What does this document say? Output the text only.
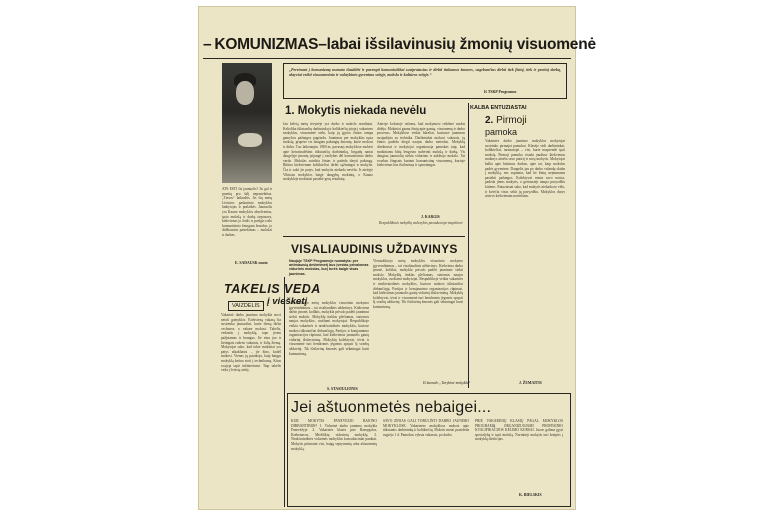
– KOMUNIZMAS–labai išsilavinusių žmonių visuomenė
ATS ESTI šis jaunuolis? Jis gal ir praeitų pro šalį nepastebėtas. „Tiesos“ laikraštis. Jis šių metų Lietuvos paskutinio mokyklos lankytojas ir pralaikės. Jaunuolis yra Kauno mokyklos absolventas, tęsia mokslą ir darbą tarpusavy, kiekvienas jo žodis ir poelgis rodo komunistinio žmogaus bruožus, jo didžiausias pasiekimas – mokslai ir darbas.
E. SADAUSK nuotr.
„Pereinant į komunizmą numato išauklėti ir parengti komunistiškai susipratusius ir dirbti tinkamus žmones, sugebančius dirbti tiek fizinį, tiek ir protinį darbą, aktyviai veikti visuomeninio ir valstybinio gyvenimo srityje, mokslo ir kultūros srityje.“
Iš TSKP Programos
1. Mokytis niekada nevėlu
Jau keletą metų tėvynėje yra darbo ir mokslo rezultatai. Keliolika tūkstančių darbininkų ir kolūkiečių įstoja į vakarines mokyklas, visuomenė stebi, kaip jų įgytos žinios tampa gamybos pažangos pagrindu. Jaunimas per mokyklas tęsia mokslą, grupėse vis daugiau pažangių žmonių, kurie mokosi ir dirba. Tuo laikotarpiu 1960 m. pavasarį mokyklose mokėsi apie keturiasdešimt tūkstančių darbininkų, brigadų nariai daugelyje įmonių įsijungė į varžybas dėl komunistinio darbo vardo. Mokslas suteikia žinias ir padeda daryti pažangą. Būtina kiekvienam kolūkiečiui dirbti sąžiningai ir mokytis. Čia ir sakė jie patys, kad mokytis niekada nevėlu. Ir ateityje Vilniaus mokyklos baigė daugybę mokinių, o Kauno mokykloje mokiniai pasiekė gerų rezultatų.
Antroje kolonoje rašoma, kad mokymosi reikšmė nuolat didėja. Mokiniai gauna žinių apie gamtą, visuomenę ir darbo procesus. Mokyklose veikia būreliai, kuriuose jaunimas susipažįsta su technika. Darbininkai mokosi vakarais, jų žinios padeda diegti naujus darbo metodus. Mokyklų direktoriai ir mokytojai organizuoja pamokas taip, kad mokiniams būtų lengviau suderinti mokslą ir darbą. Vis daugiau jaunuolių siekia vidurinio ir aukštojo mokslo. Tai svarbus žingsnis kuriant komunistinę visuomenę, kurioje kiekvienas bus išsilavinęs ir sąmoningas.
J. KARGIS
Respublikinės mokyklų vadovybės pavaduotoja-inspektorė
KALBA ENTUZIASTAI
2. Pirmoji
pamoka
Vakarinės darbo jaunimo mokyklos mokytojai susirinko pirmajai pamokai. Klasėje sėdi darbininkai, kolūkiečiai, tarnautojai – visi, kurie nusprendė tęsti mokslą. Pirmoji pamoka visada jaudina: kiekvienas mokinys atneša savo patirtį ir norą mokytis. Mokytojai kalba apie būsimus darbus, apie tai, kaip mokslas padės gyvenime. Daugelis jau po darbo valandų skuba į mokyklą, nes supranta, kad be žinių neįmanoma pasiekti pažangos. Kolektyvai remia savo narius, padeda jiems mokytis, o geriausieji tampa pavyzdžiu kitiems. Entuziastai sako, kad mokytis niekada ne vėlu, ir kviečia visus sekti jų pavyzdžiu. Mokyklos durys atviros kiekvienam norinčiam.
J. ŽEMAITIS
VISALIAUDINIS UŽDAVINYS
Naujoje TSKP Programoje numatyta: per artimiausią dešimtmetį bus įvestas privalomas vidurinis mokslas, kurį turės baigti visas jaunimas.
Vienuoliktojo metų mokyklos visuotinio mokymo įgyvendinimas – tai visaliaudinis uždavinys. Kiekviena darbo įmonė, kolūkis, mokykla privalo padėti jaunimui siekti mokslo. Mokyklų tinklas plečiamas, statomos naujos mokyklos, ruošiami mokytojai. Respublikoje veikia vakarinės ir neakivaizdinės mokyklos, kuriose mokosi tūkstančiai dirbančiųjų. Partijos ir komjaunimo organizacijos rūpinasi, kad kiekvienas jaunuolis gautų vidurinį išsilavinimą. Mokyklų kolektyvai, tėvai ir visuomenė turi bendromis jėgomis spręsti šį svarbų uždavinį. Tik išsilavinę žmonės gali sėkmingai kurti komunizmą.
Vienuoliktojo metų mokyklos visuotinio mokymo įgyvendinimas – tai visaliaudinis uždavinys. Kiekviena darbo įmonė, kolūkis, mokykla privalo padėti jaunimui siekti mokslo. Mokyklų tinklas plečiamas, statomos naujos mokyklos, ruošiami mokytojai. Respublikoje veikia vakarinės ir neakivaizdinės mokyklos, kuriose mokosi tūkstančiai dirbančiųjų. Partijos ir komjaunimo organizacijos rūpinasi, kad kiekvienas jaunuolis gautų vidurinį išsilavinimą. Mokyklų kolektyvai, tėvai ir visuomenė turi bendromis jėgomis spręsti šį svarbų uždavinį. Tik išsilavinę žmonės gali sėkmingai kurti komunizmą.
Iš žurnalo „Tarybinė mokykla“
TAKELIS VEDA
VAIZDELIS į viešketį
Vakarinė darbo jaunimo mokykla stovi netoli gamyklos. Kiekvieną vakarą čia susirenka jaunuoliai, kurie dieną dirba cechuose, o vakare mokosi. Takelis, vedantis į mokyklą, tapo jiems pažįstamas ir brangus. Jie eina juo ir lietingais rudens vakarais, ir šaltą žiemą. Mokytojai sako, kad tokie mokiniai yra patys atkakliausi – jie žino, kodėl mokosi. Vienas jų pasakoja, kaip baigęs mokyklą ketina stoti į technikumą. Kitas svajoja tapti inžinieriumi. Taip takelis veda į šviesią ateitį.
S. STASIULIONIS
Jei aštuonmetės nebaigei...
KUR MOKYTIS PANEVĖŽIO RAJONO DIRBANTIEMS? 1. Vidurinė darbo jaunimo mokykla Panevėžyje. 2. Vakarinės klasės prie Ramygalos, Krekenavos, Miežiškių vidurinių mokyklų. 3. Neakivaizdinės vidurinės mokyklos konsultaciniai punktai. Mokytis priimami visi, baigę septynmetę arba aštuonmetę mokyklą.
SAVO ŽINIAS GALI TOBULINTI DARBO JAUNIMO MOKYKLOSE: Vakarinėse mokyklose mokosi apie tūkstantis darbininkų ir kolūkiečių. Mokslo metai prasideda rugsėjo 1 d. Pamokos vyksta vakarais, po darbo.
PRIE VAKARINIŲ KLASIŲ PAGAL MOKYKLOS PROGRAMĄ ORGANIZUOJAMI PROFESINIO KVALIFIKACIJOS KĖLIMO KURSAI. Juose galima įgyti specialybę ir tęsti mokslą. Norintieji mokytis turi kreiptis į mokyklų direkcijas.
K. BIELSKIS
